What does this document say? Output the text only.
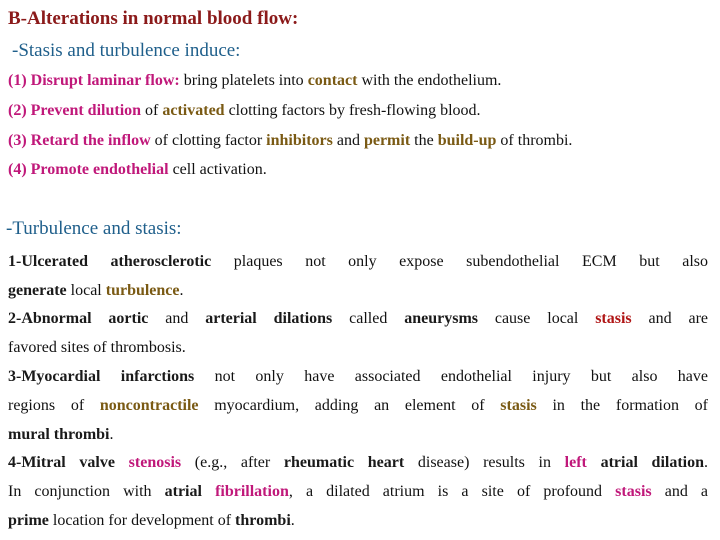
B-Alterations in normal blood flow:
-Stasis and turbulence induce:
(1) Disrupt laminar flow: bring platelets into contact with the endothelium.
(2) Prevent dilution of activated clotting factors by fresh-flowing blood.
(3) Retard the inflow of clotting factor inhibitors and permit the build-up of thrombi.
(4) Promote endothelial cell activation.
-Turbulence and stasis:
1-Ulcerated atherosclerotic plaques not only expose subendothelial ECM but also
generate local turbulence.
2-Abnormal aortic and arterial dilations called aneurysms cause local stasis and are
favored sites of thrombosis.
3-Myocardial infarctions not only have associated endothelial injury but also have
regions of noncontractile myocardium, adding an element of stasis in the formation of
mural thrombi.
4-Mitral valve stenosis (e.g., after rheumatic heart disease) results in left atrial dilation.
In conjunction with atrial fibrillation, a dilated atrium is a site of profound stasis and a
prime location for development of thrombi.
